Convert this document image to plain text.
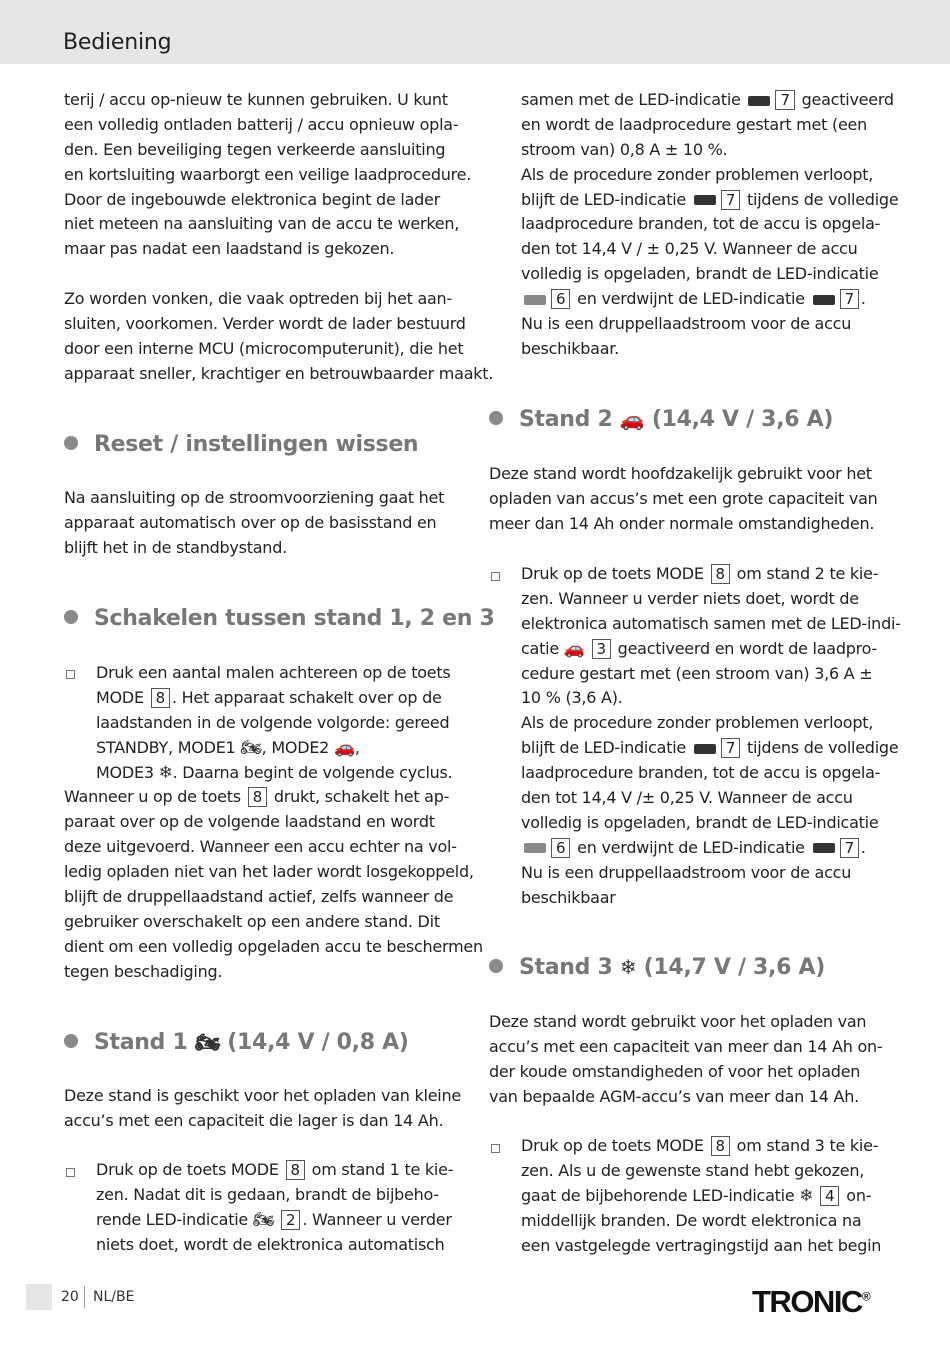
Bediening
terij / accu op-nieuw te kunnen gebruiken. U kunt
een volledig ontladen batterij / accu opnieuw opla-
den. Een beveiliging tegen verkeerde aansluiting
en kortsluiting waarborgt een veilige laadprocedure.
Door de ingebouwde elektronica begint de lader
niet meteen na aansluiting van de accu te werken,
maar pas nadat een laadstand is gekozen.
Zo worden vonken, die vaak optreden bij het aan-
sluiten, voorkomen. Verder wordt de lader bestuurd
door een interne MCU (microcomputerunit), die het
apparaat sneller, krachtiger en betrouwbaarder maakt.
Reset / instellingen wissen
Na aansluiting op de stroomvoorziening gaat het
apparaat automatisch over op de basisstand en
blijft het in de standbystand.
Schakelen tussen stand 1, 2 en 3
Druk een aantal malen achtereen op de toets
MODE 8 . Het apparaat schakelt over op de
laadstanden in de volgende volgorde: gereed
STANDBY, MODE1 🏍, MODE2 🚗,
MODE3 ❄. Daarna begint de volgende cyclus.
Wanneer u op de toets 8 drukt, schakelt het ap-
paraat over op de volgende laadstand en wordt
deze uitgevoerd. Wanneer een accu echter na vol-
ledig opladen niet van het lader wordt losgekoppeld,
blijft de druppellaadstand actief, zelfs wanneer de
gebruiker overschakelt op een andere stand. Dit
dient om een volledig opgeladen accu te beschermen
tegen beschadiging.
Stand 1 🏍 (14,4 V / 0,8 A)
Deze stand is geschikt voor het opladen van kleine
accu’s met een capaciteit die lager is dan 14 Ah.
Druk op de toets MODE 8 om stand 1 te kie-
zen. Nadat dit is gedaan, brandt de bijbeho-
rende LED-indicatie 🏍 2 . Wanneer u verder
niets doet, wordt de elektronica automatisch
samen met de LED-indicatie	7 geactiveerd
en wordt de laadprocedure gestart met (een
stroom van) 0,8 A ± 10 %.
Als de procedure zonder problemen verloopt,
blijft de LED-indicatie	7 tijdens de volledige
laadprocedure branden, tot de accu is opgela-
den tot 14,4 V / ± 0,25 V. Wanneer de accu
volledig is opgeladen, brandt de LED-indicatie
6 en verdwijnt de LED-indicatie	7 .
Nu is een druppellaadstroom voor de accu
beschikbaar.
Stand 2 🚗 (14,4 V / 3,6 A)
Deze stand wordt hoofdzakelijk gebruikt voor het
opladen van accus’s met een grote capaciteit van
meer dan 14 Ah onder normale omstandigheden.
Druk op de toets MODE 8 om stand 2 te kie-
zen. Wanneer u verder niets doet, wordt de
elektronica automatisch samen met de LED-indi-
catie 🚗 3 geactiveerd en wordt de laadpro-
cedure gestart met (een stroom van) 3,6 A ±
10 % (3,6 A).
Als de procedure zonder problemen verloopt,
blijft de LED-indicatie	7 tijdens de volledige
laadprocedure branden, tot de accu is opgela-
den tot 14,4 V /± 0,25 V. Wanneer de accu
volledig is opgeladen, brandt de LED-indicatie
6 en verdwijnt de LED-indicatie	7 .
Nu is een druppellaadstroom voor de accu
beschikbaar
Stand 3 ❄ (14,7 V / 3,6 A)
Deze stand wordt gebruikt voor het opladen van
accu’s met een capaciteit van meer dan 14 Ah on-
der koude omstandigheden of voor het opladen
van bepaalde AGM-accu’s van meer dan 14 Ah.
Druk op de toets MODE 8 om stand 3 te kie-
zen. Als u de gewenste stand hebt gekozen,
gaat de bijbehorende LED-indicatie ❄ 4 on-
middellijk branden. De wordt elektronica na
een vastgelegde vertragingstijd aan het begin
20 NL/BE	TRONIC®
